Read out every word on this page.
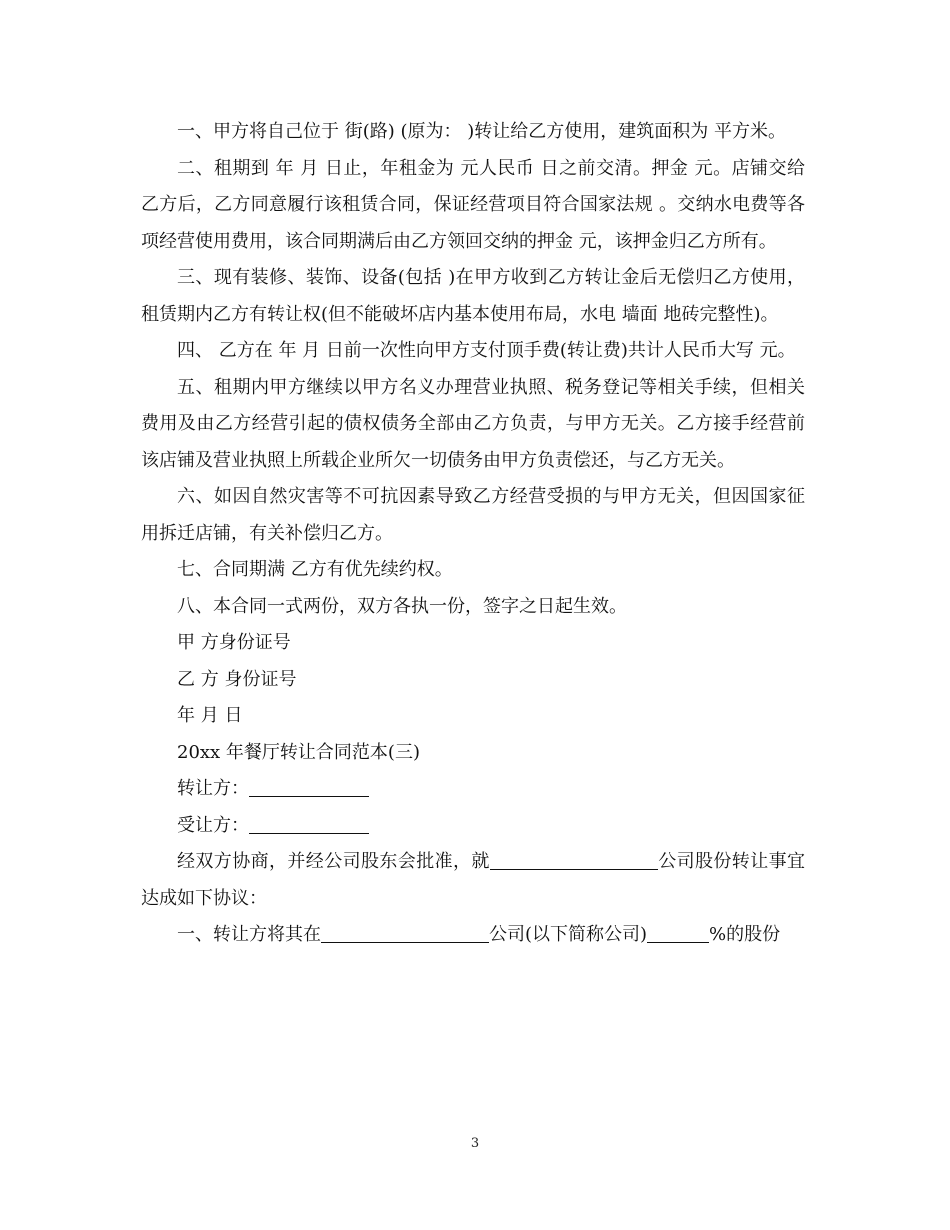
一、甲方将自己位于 街(路) (原为： )转让给乙方使用，建筑面积为 平方米。

二、租期到 年 月 日止，年租金为 元人民币 日之前交清。押金 元。店铺交给乙方后，乙方同意履行该租赁合同，保证经营项目符合国家法规 。交纳水电费等各项经营使用费用，该合同期满后由乙方领回交纳的押金 元，该押金归乙方所有。

三、现有装修、装饰、设备(包括 )在甲方收到乙方转让金后无偿归乙方使用，租赁期内乙方有转让权(但不能破坏店内基本使用布局，水电 墙面 地砖完整性)。

四、 乙方在 年 月 日前一次性向甲方支付顶手费(转让费)共计人民币大写 元。

五、租期内甲方继续以甲方名义办理营业执照、税务登记等相关手续，但相关费用及由乙方经营引起的债权债务全部由乙方负责，与甲方无关。乙方接手经营前该店铺及营业执照上所载企业所欠一切债务由甲方负责偿还，与乙方无关。

六、如因自然灾害等不可抗因素导致乙方经营受损的与甲方无关，但因国家征用拆迁店铺，有关补偿归乙方。

七、合同期满 乙方有优先续约权。

八、本合同一式两份，双方各执一份，签字之日起生效。

甲 方身份证号

乙 方 身份证号

年 月 日

20xx 年餐厅转让合同范本(三)

转让方：

受让方：

经双方协商，并经公司股东会批准，就	公司股份转让事宜达成如下协议：

一、转让方将其在	公司(以下简称公司)	%的股份

3
